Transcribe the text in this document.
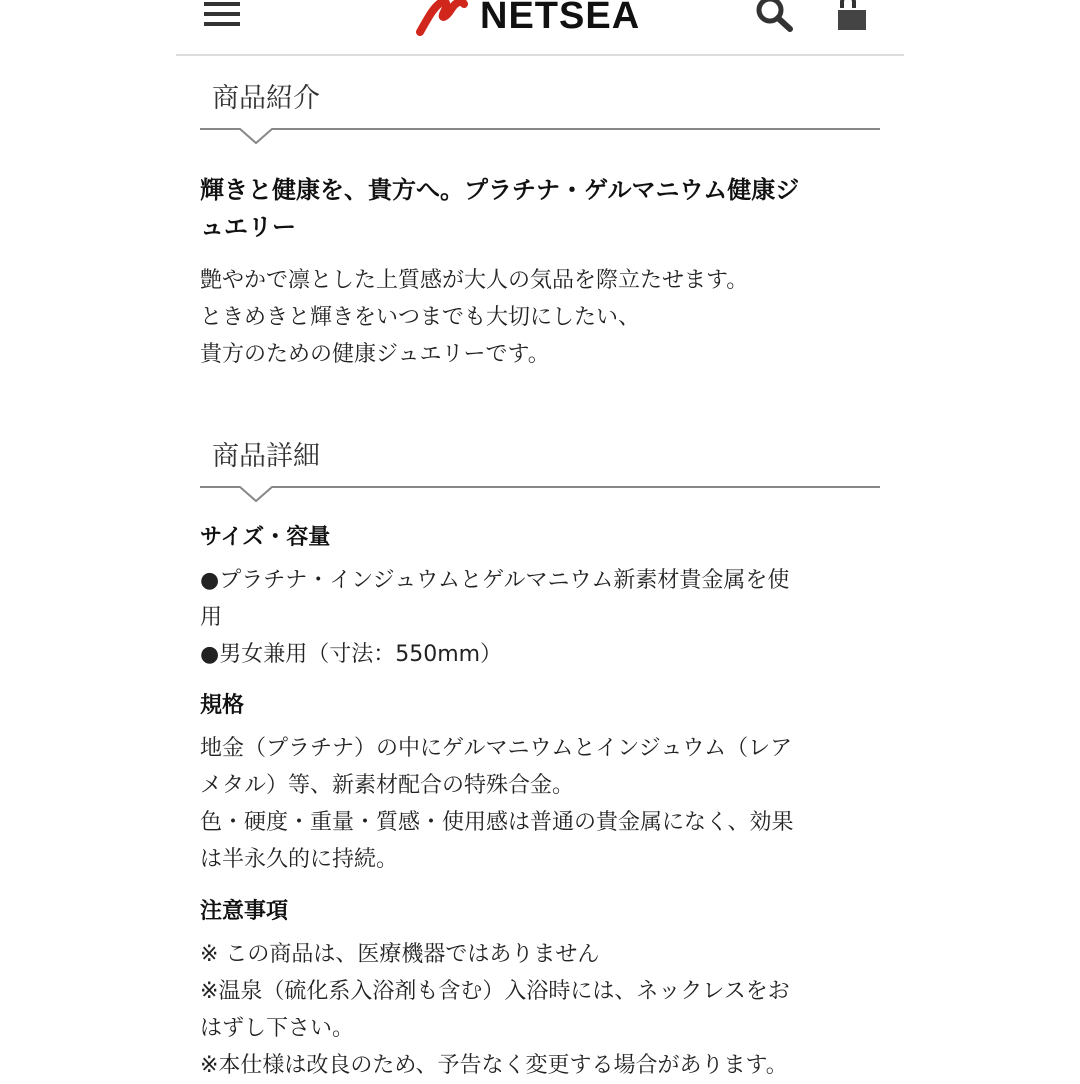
NETSEA
商品紹介
輝きと健康を、貴方へ。プラチナ・ゲルマニウム健康ジ
ュエリー
艶やかで凛とした上質感が大人の気品を際立たせます。
ときめきと輝きをいつまでも大切にしたい、
貴方のための健康ジュエリーです。
商品詳細
サイズ・容量
●プラチナ・インジュウムとゲルマニウム新素材貴金属を使
用
●男女兼用（寸法：550mm）
規格
地金（プラチナ）の中にゲルマニウムとインジュウム（レア
メタル）等、新素材配合の特殊合金。
色・硬度・重量・質感・使用感は普通の貴金属になく、効果
は半永久的に持続。
注意事項
※ この商品は、医療機器ではありません
※温泉（硫化系入浴剤も含む）入浴時には、ネックレスをお
はずし下さい。
※本仕様は改良のため、予告なく変更する場合があります。
